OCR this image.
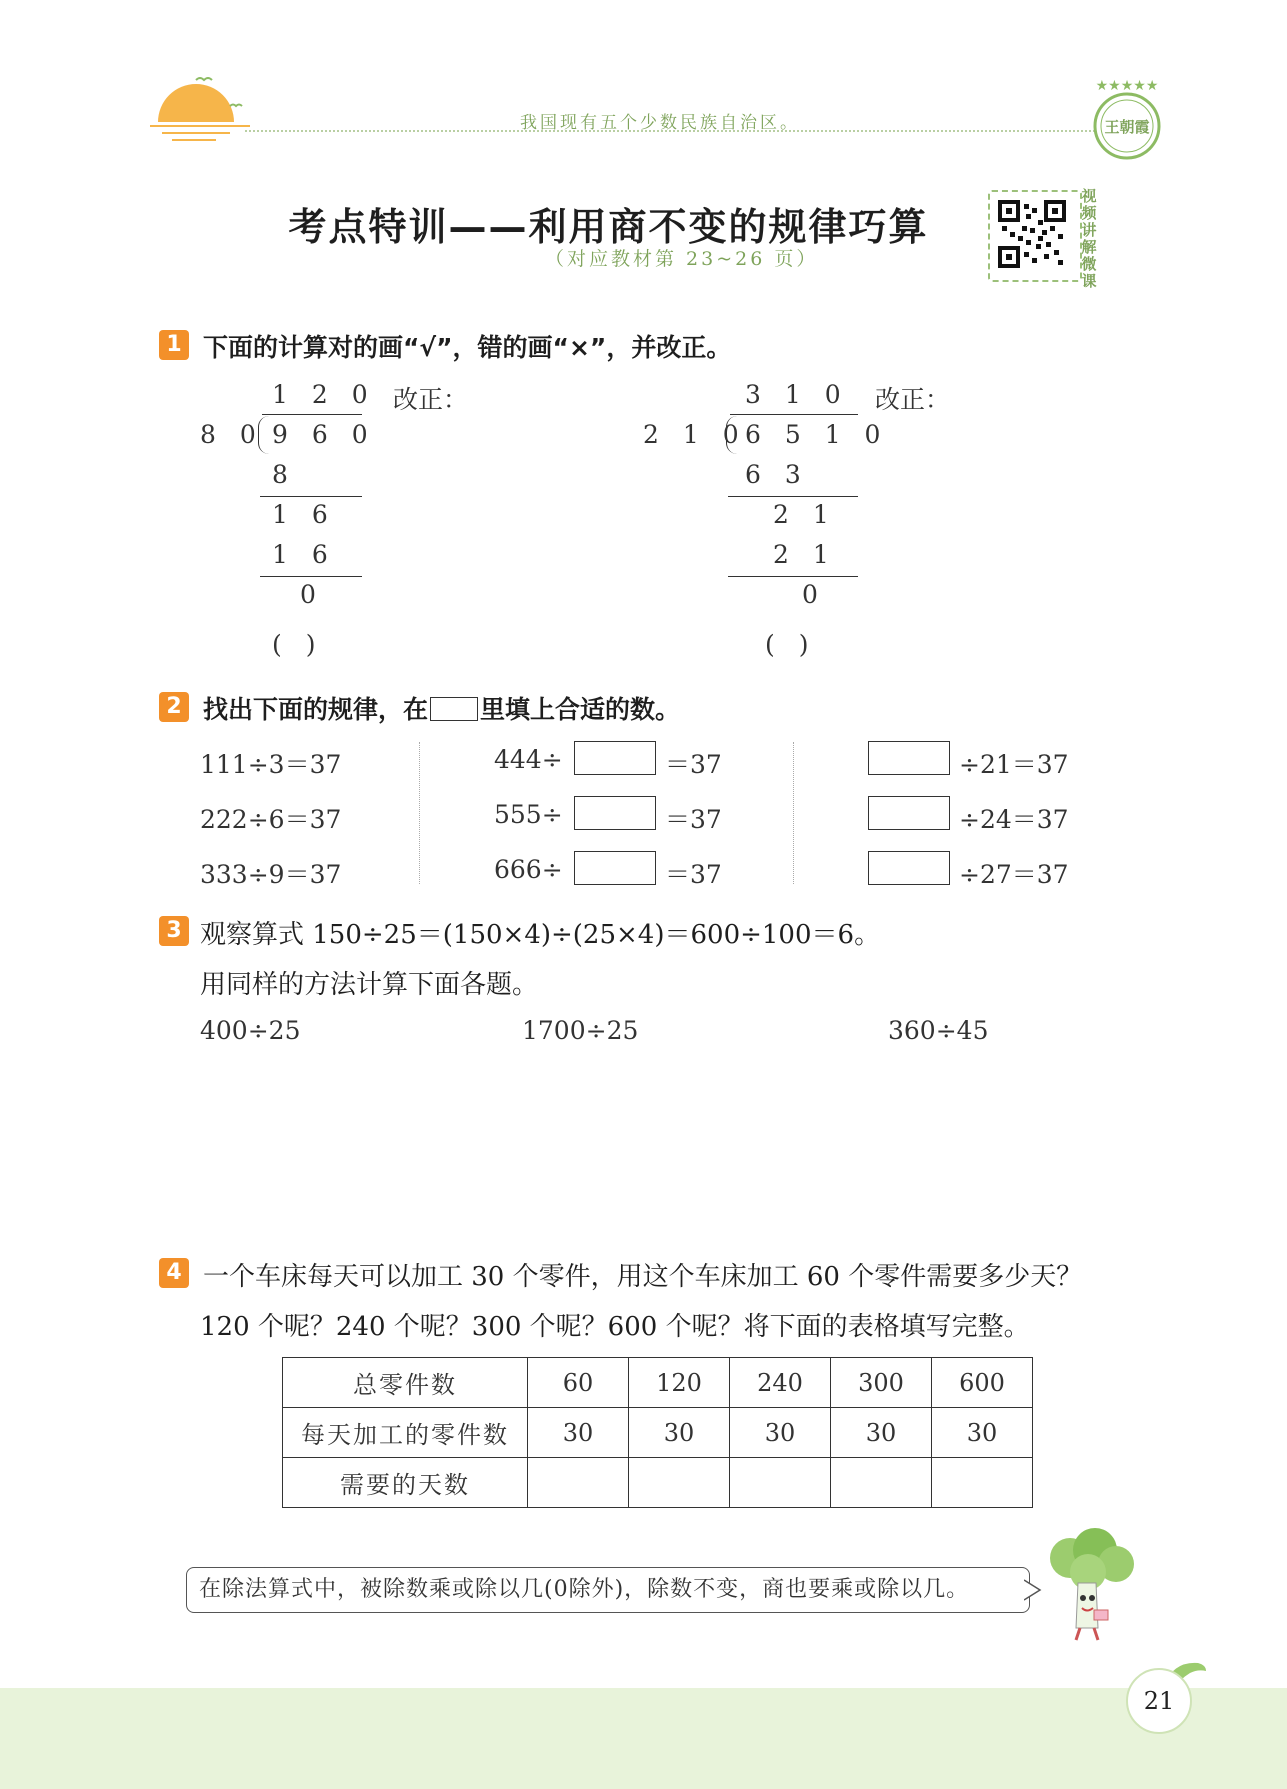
我国现有五个少数民族自治区。
★★★★★
王朝霞
考点特训——利用商不变的规律巧算
（对应教材第 23~26 页）
视
频
讲
解
微
课
1 下面的计算对的画“√”，错的画“×”，并改正。
1 2 0
8 0 9 6 0
8
1 6
1 6
0
( )
改正：	3 1 0
2 1 0
6 5 1 0
6 3
2 1
2 1
0
( )
改正：
2 找出下面的规律，在 里填上合适的数。
111÷3＝37
222÷6＝37
333÷9＝37
444÷	＝37
555÷	＝37
666÷	＝37
÷21＝37
÷24＝37
÷27＝37
3 观察算式 150÷25＝(150×4)÷(25×4)＝600÷100＝6。
用同样的方法计算下面各题。
400÷25	1700÷25	360÷45
4 一个车床每天可以加工 30 个零件，用这个车床加工 60 个零件需要多少天？
120 个呢？240 个呢？300 个呢？600 个呢？将下面的表格填写完整。
总零件数	60	120	240	300	600
每天加工的零件数	30	30	30	30	30
需要的天数					
在除法算式中，被除数乘或除以几(0除外)，除数不变，商也要乘或除以几。
21
